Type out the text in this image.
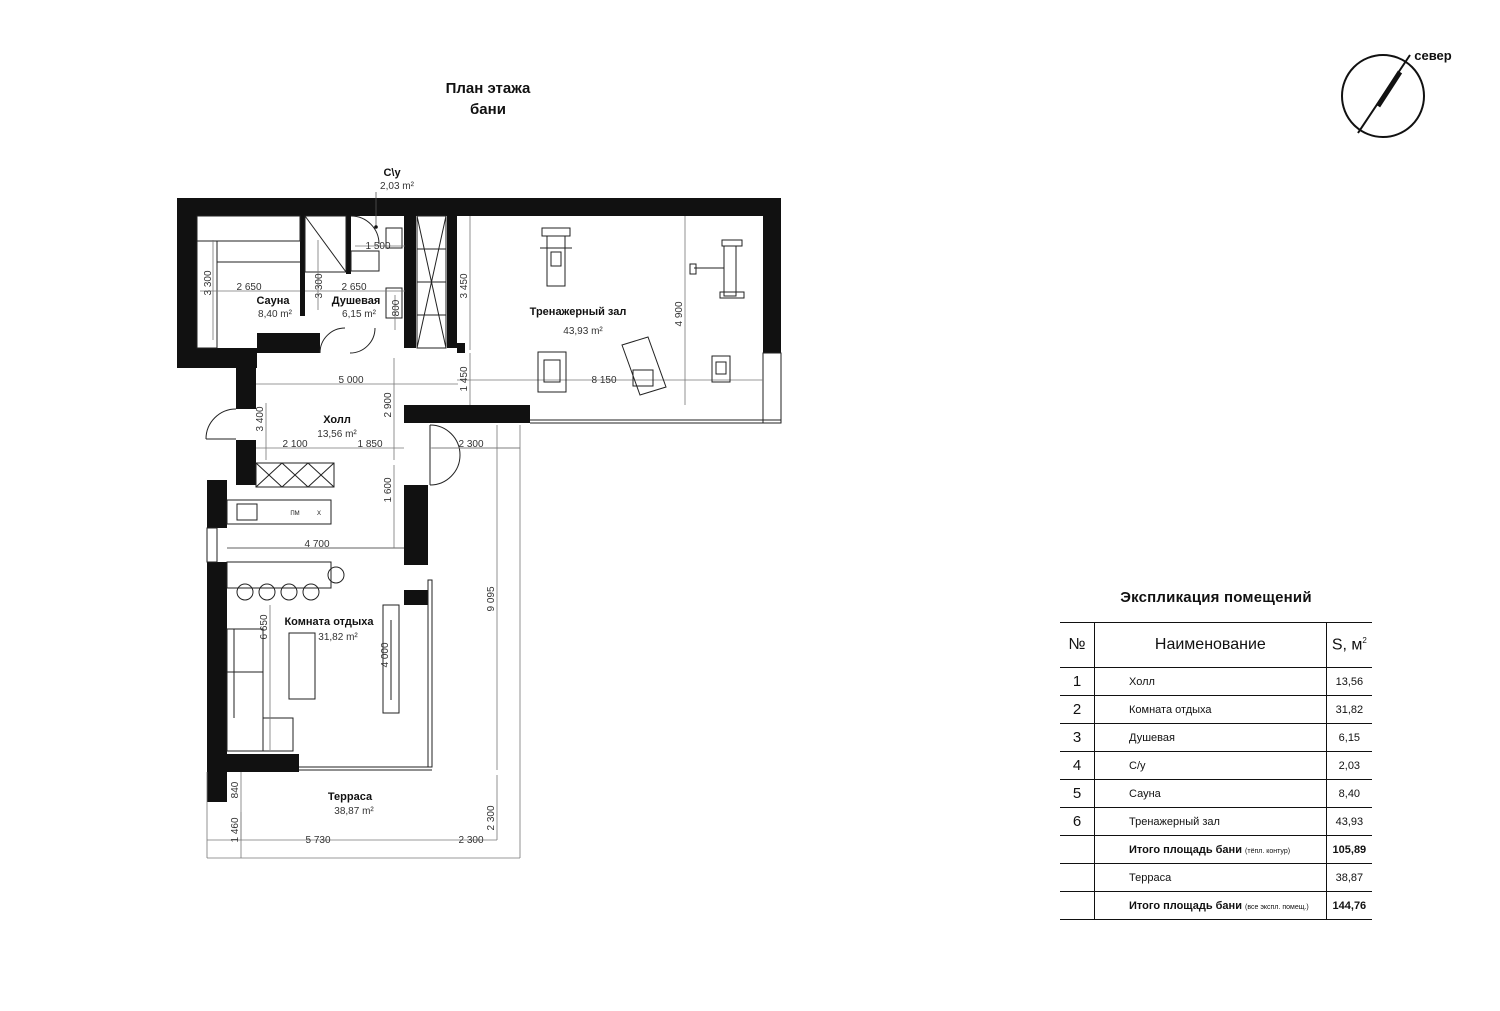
План этажа
бани
север
С\у
2,03 m²
Сауна
8,40 m²
Душевая
6,15 m²	Тренажерный зал
43,93 m²
Холл
13,56 m²
Комната отдыха
31,82 m²
Терраса
38,87 m²
ПМ	Х
3 300 2 650	2 650
3 300
1 500
800
3 450
4 900
1 450	8 150
5 000
2 900
3 400
2 100	1 850	2 300
1 600
4 700
6 650
4 000
9 095
2 300
840
1 460	5 730	2 300
Экспликация помещений
№	Наименование	S, $м^2$
1	Холл	13,56
2	Комната отдыха	31,82
3	Душевая	6,15
4	С/у	2,03
5	Сауна	8,40
6	Тренажерный зал	43,93
	Итого площадь бани (тёпл. контур)	105,89
	Терраса	38,87
	Итого площадь бани (все экспл. помещ.)	144,76
